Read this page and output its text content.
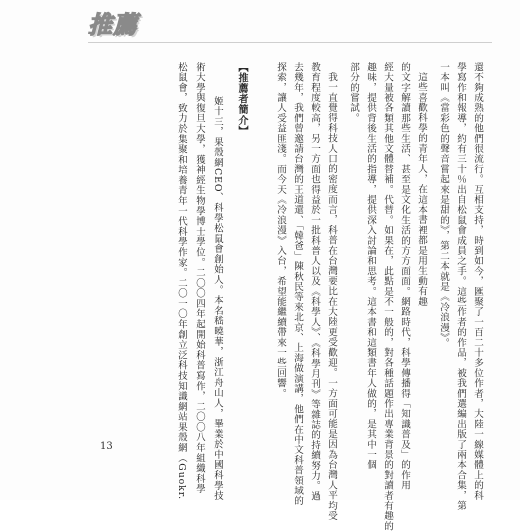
推薦
還不夠成熟的他們很流行。互相支持，時到如今，匯聚了一百二十多位作者，大陸一線媒體上的科
學寫作和報導，約有三十％出自松鼠會成員之手。這些作者的作品，被我們選編出版了兩本合集，第
一本叫《當彩色的聲音嘗起來是甜的》，第二本就是《冷浪漫》。
這些喜歡科學的青年人，在這本書裡都是用生動有趣
的文字解讀那些生活、甚至是文化生活的方方面面。網路時代，科學傳播得「知識普及」的作用
經大量被各類其他文體替補。代替。如果在，此點是不一般的，對各種話題作出專業背景的對讀者有趣的
趣味，提供背後生活的指導，提供深入討論和思考。這本書和這類書年人做的，是其中一個
部分的嘗試。
我一直覺得科技人口的密度而言，科普在台灣要比在大陸更受歡迎。一方面可能是因為台灣人平均受
教育程度較高，另一方面也得益於一批科普人以及《科學人》、《科學月刊》等雜誌的持續努力。過
去幾年，我們曾邀請台灣的王道還、「韓爸」陳秋民等來北京、上海做演講，他們在中文科普領域的
探索，讓人受益匪淺。而今天《冷浪漫》入台，希望能繼續帶來一些回響。
【推薦者簡介】
姬十三，果殼網CEO、科學松鼠會創始人。本名嵇曉華，浙江舟山人，畢業於中國科學技
術大學與復旦大學，獲神經生物學博士學位。二〇〇四年起開始科普寫作，二〇〇八年組織科學
松鼠會，致力於集聚和培養青年一代科學作家。二〇一〇年創立泛科技知識網站果殼網（Guokr.
13
